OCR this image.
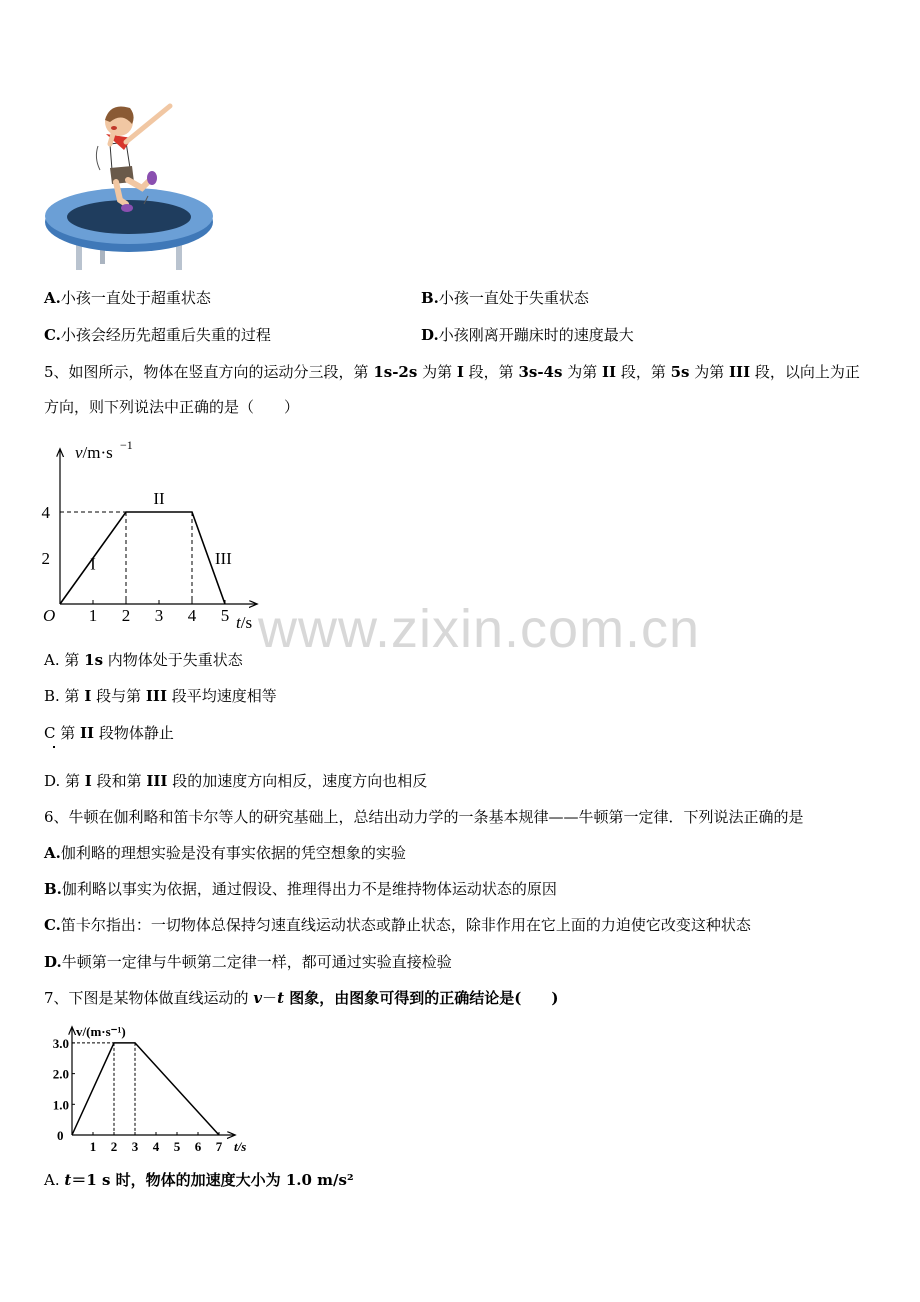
A.小孩一直处于超重状态	B.小孩一直处于失重状态
C.小孩会经历先超重后失重的过程	D.小孩刚离开蹦床时的速度最大
5、如图所示，物体在竖直方向的运动分三段，第 1s-2s 为第 I 段，第 3s-4s 为第 II 段，第 5s 为第 III 段，以向上为正
方向，则下列说法中正确的是（　　）
v/m·s −1
O	t/s
1 2 3 4 5
2
4
I
II
III
A. 第 1s 内物体处于失重状态
B. 第 I 段与第 III 段平均速度相等
C 第 II 段物体静止
D. 第 I 段和第 III 段的加速度方向相反，速度方向也相反
6、牛顿在伽利略和笛卡尔等人的研究基础上，总结出动力学的一条基本规律——牛顿第一定律．下列说法正确的是
A.伽利略的理想实验是没有事实依据的凭空想象的实验
B.伽利略以事实为依据，通过假设、推理得出力不是维持物体运动状态的原因
C.笛卡尔指出：一切物体总保持匀速直线运动状态或静止状态，除非作用在它上面的力迫使它改变这种状态
D.牛顿第一定律与牛顿第二定律一样，都可通过实验直接检验
7、下图是某物体做直线运动的 v－t 图象，由图象可得到的正确结论是(　　)
v/(m·s⁻¹)
0
t/s
1 2 3 4 5 6 7
1.0
2.0
3.0
A. t＝1 s 时，物体的加速度大小为 1.0 m/s²
www.zixin.com.cn
